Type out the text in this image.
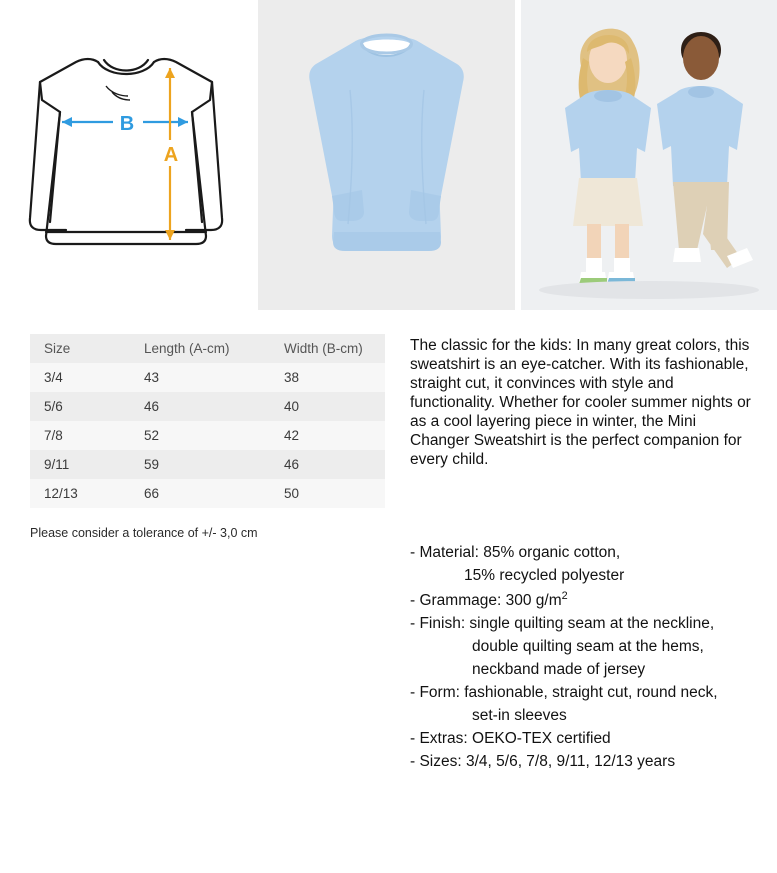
B
A
Size	Length (A-cm)	Width (B-cm)
3/4	43	38
5/6	46	40
7/8	52	42
9/11	59	46
12/13	66	50
Please consider a tolerance of +/- 3,0 cm

The classic for the kids: In many great colors, this sweatshirt is an eye-catcher. With its fashionable, straight cut, it convinces with style and functionality. Whether for cooler summer nights or as a cool layering piece in winter, the Mini Changer Sweatshirt is the perfect companion for every child.

- Material: 85% organic cotton,
15% recycled polyester
- Grammage: 300 $g/m^2$
- Finish: single quilting seam at the neckline,
double quilting seam at the hems,
neckband made of jersey
- Form: fashionable, straight cut, round neck,
set-in sleeves
- Extras: OEKO-TEX certified
- Sizes: 3/4, 5/6, 7/8, 9/11, 12/13 years
